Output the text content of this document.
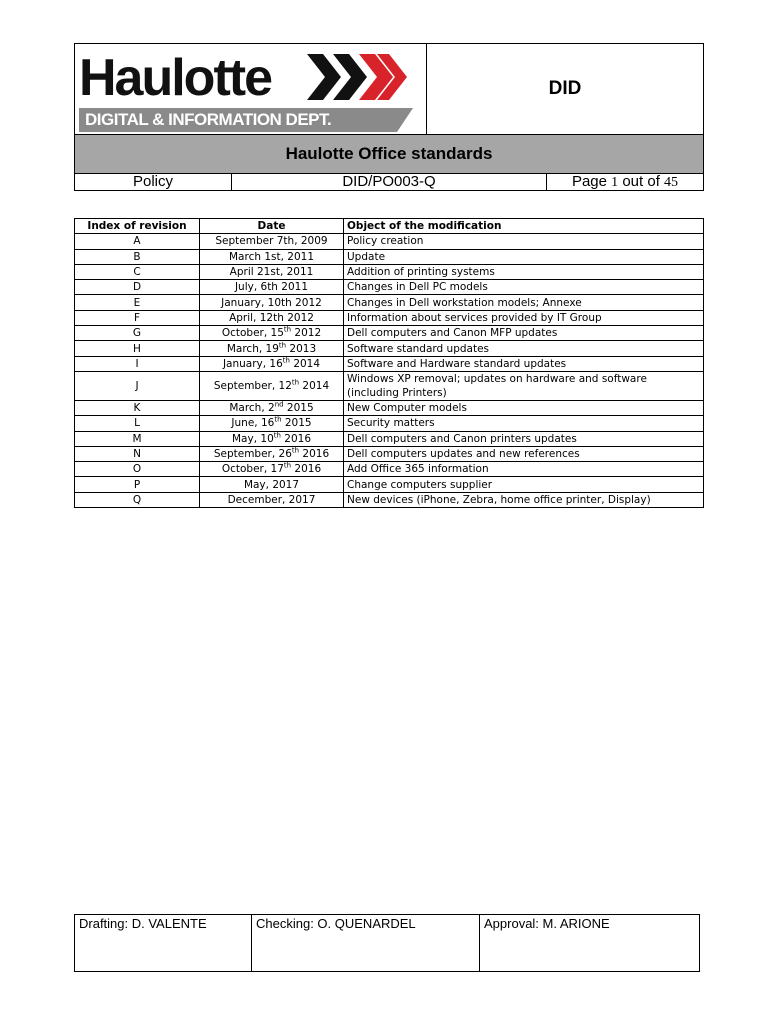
Haulotte
DIGITAL & INFORMATION DEPT.
DID
Haulotte Office standards
Policy	DID/PO003-Q	Page 1 out of 45
Index of revision	Date	Object of the modification
A	September 7th, 2009	Policy creation
B	March 1st, 2011	Update
C	April 21st, 2011	Addition of printing systems
D	July, 6th 2011	Changes in Dell PC models
E	January, 10th 2012	Changes in Dell workstation models; Annexe
F	April, 12th 2012	Information about services provided by IT Group
G	October, 15th 2012	Dell computers and Canon MFP updates
H	March, 19th 2013	Software standard updates
I	January, 16th 2014	Software and Hardware standard updates
J	September, 12th 2014	Windows XP removal; updates on hardware and software
(including Printers)
K	March, 2nd 2015	New Computer models
L	June, 16th 2015	Security matters
M	May, 10th 2016	Dell computers and Canon printers updates
N	September, 26th 2016	Dell computers updates and new references
O	October, 17th 2016	Add Office 365 information
P	May, 2017	Change computers supplier
Q	December, 2017	New devices (iPhone, Zebra, home office printer, Display)
Drafting: D. VALENTE	Checking: O. QUENARDEL	Approval: M. ARIONE
